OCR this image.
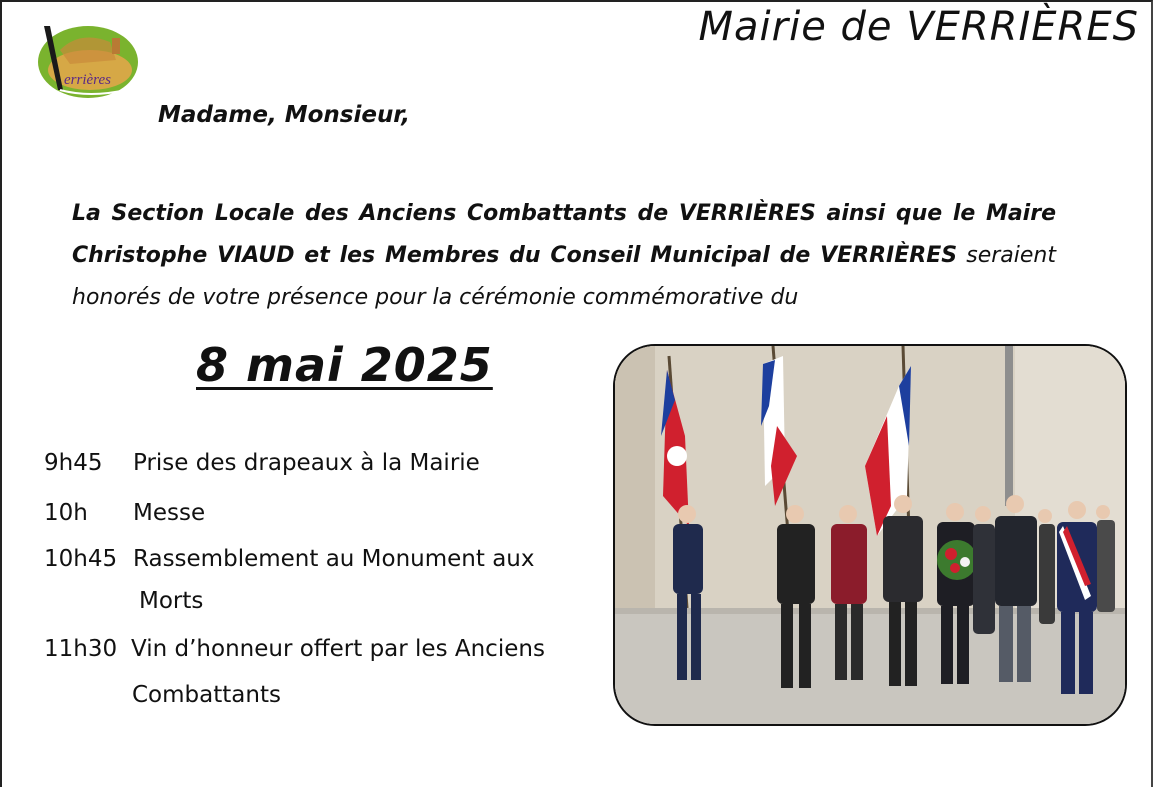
errières
Mairie de VERRIÈRES
Madame, Monsieur,

La Section Locale des Anciens Combattants de VERRIÈRES ainsi que le Maire Christophe VIAUD et les Membres du Conseil Municipal de VERRIÈRES seraient honorés de votre présence pour la cérémonie commémorative du

8 mai 2025
9h45 Prise des drapeaux à la Mairie
10h Messe
10h45 Rassemblement au Monument aux
Morts
11h30 Vin d’honneur offert par les Anciens
Combattants
